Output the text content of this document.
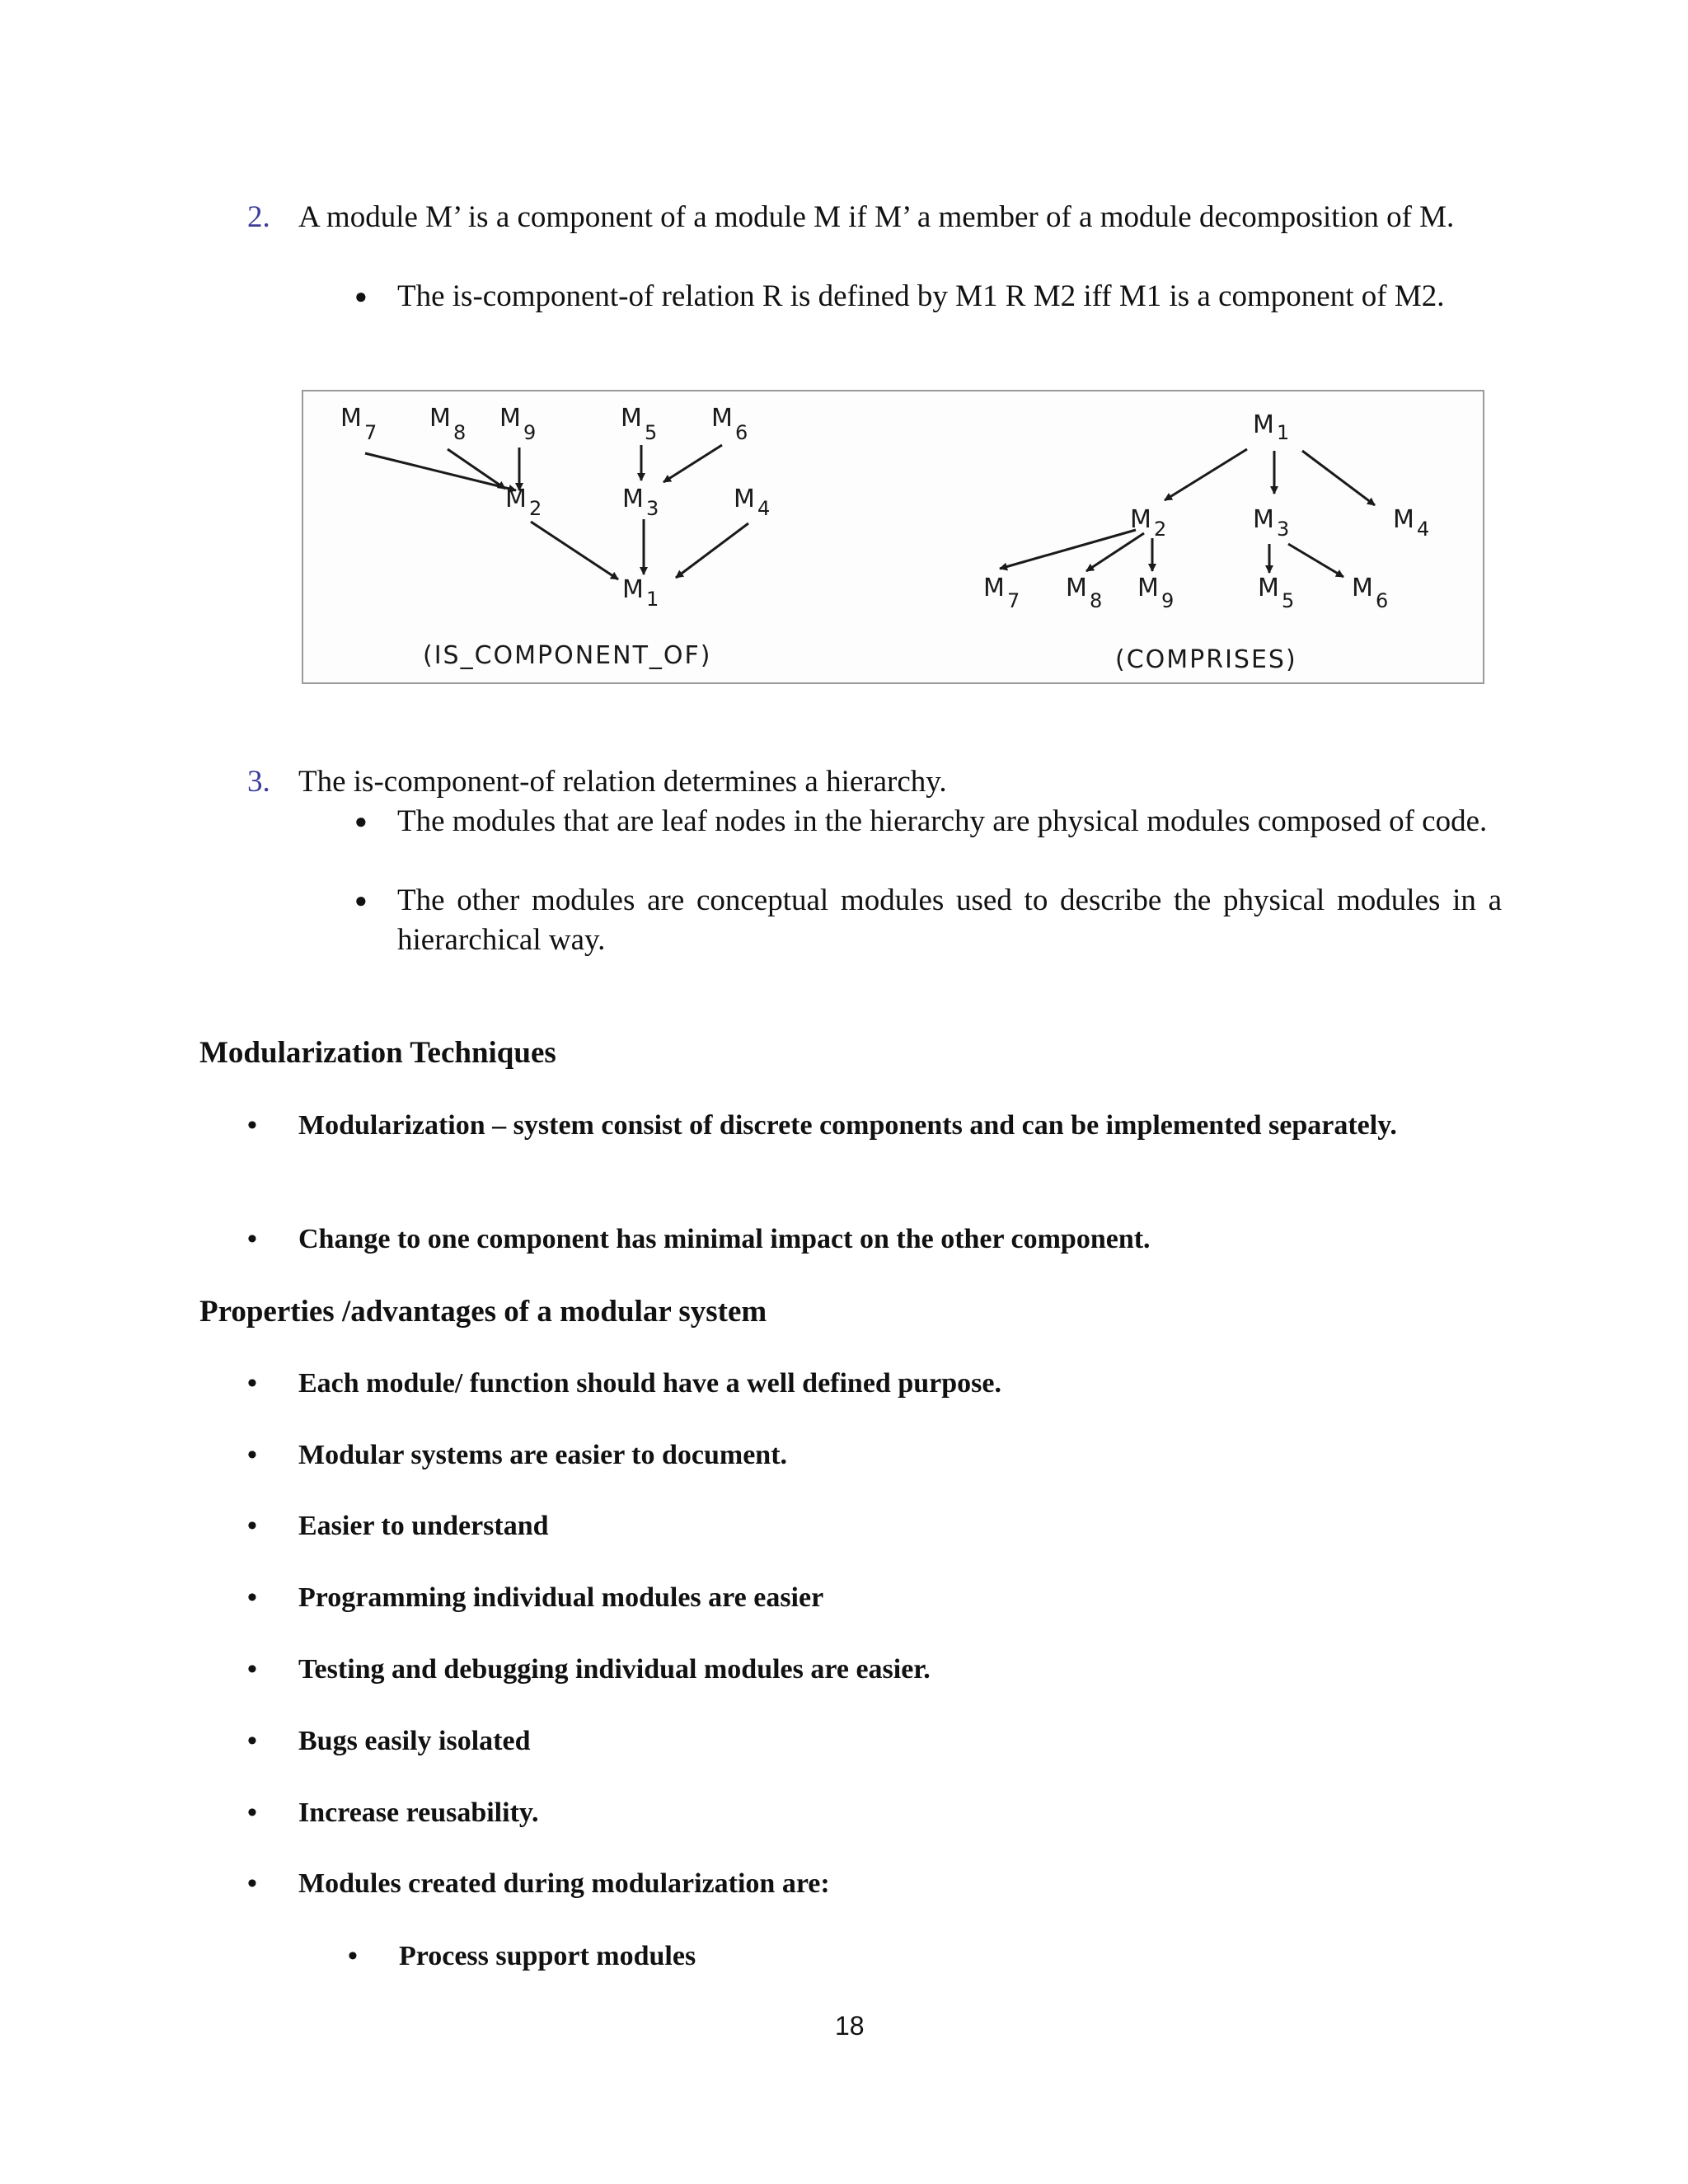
2. A module M’ is a component of a module M if M’ a member of a module decomposition of M.

● The is-component-of relation R is defined by M1 R M2 iff M1 is a component of M2.

M 7 M 8 M 9	M 5 M 6
M 2	M 3	M 4
M 1
(IS_COMPONENT_OF)
M 1
M 2	M 3	M 4
M 7 M 8 M 9	M 5 M 6
(COMPRISES)
3. The is-component-of relation determines a hierarchy.

● The modules that are leaf nodes in the hierarchy are physical modules composed of code.

● The other modules are conceptual modules used to describe the physical modules in a hierarchical way.

Modularization Techniques
• Modularization – system consist of discrete components and can be implemented separately.

• Change to one component has minimal impact on the other component.

Properties /advantages of a modular system
• Each module/ function should have a well defined purpose.

• Modular systems are easier to document.

• Easier to understand

• Programming individual modules are easier

• Testing and debugging individual modules are easier.

• Bugs easily isolated

• Increase reusability.

• Modules created during modularization are:

• Process support modules

18
